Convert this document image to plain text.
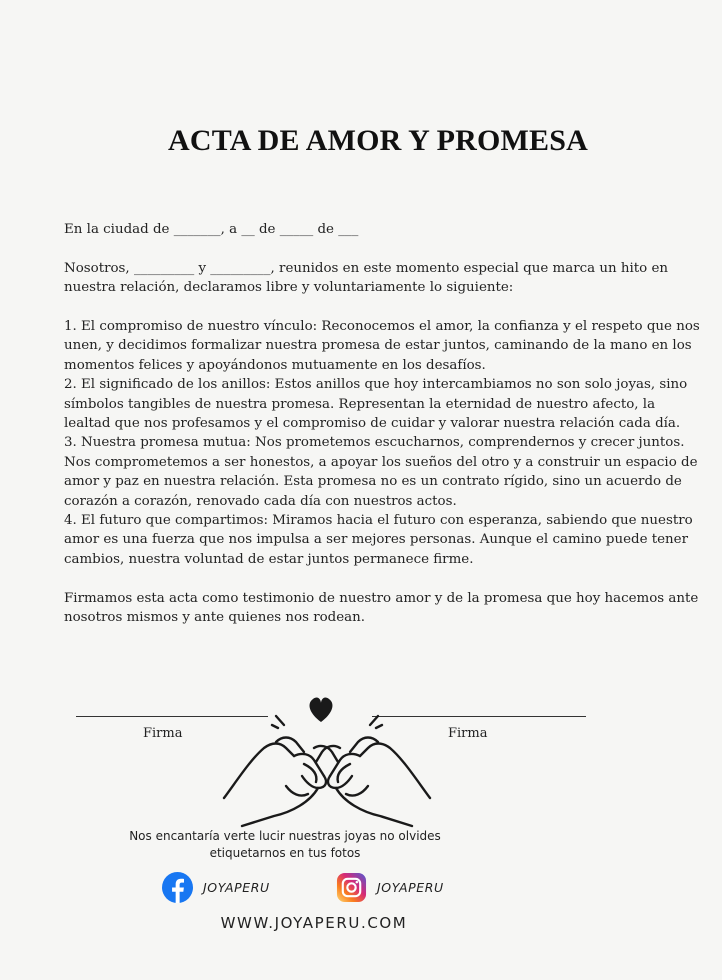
ACTA DE AMOR Y PROMESA

En la ciudad de _______, a __ de _____ de ___

Nosotros, _________ y _________, reunidos en este momento especial que marca un hito en nuestra relación, declaramos libre y voluntariamente lo siguiente:

1. El compromiso de nuestro vínculo: Reconocemos el amor, la confianza y el respeto que nos unen, y decidimos formalizar nuestra promesa de estar juntos, caminando de la mano en los momentos felices y apoyándonos mutuamente en los desafíos.

2. El significado de los anillos: Estos anillos que hoy intercambiamos no son solo joyas, sino símbolos tangibles de nuestra promesa. Representan la eternidad de nuestro afecto, la lealtad que nos profesamos y el compromiso de cuidar y valorar nuestra relación cada día.

3. Nuestra promesa mutua: Nos prometemos escucharnos, comprendernos y crecer juntos. Nos comprometemos a ser honestos, a apoyar los sueños del otro y a construir un espacio de amor y paz en nuestra relación. Esta promesa no es un contrato rígido, sino un acuerdo de corazón a corazón, renovado cada día con nuestros actos.

4. El futuro que compartimos: Miramos hacia el futuro con esperanza, sabiendo que nuestro amor es una fuerza que nos impulsa a ser mejores personas. Aunque el camino puede tener cambios, nuestra voluntad de estar juntos permanece firme.

Firmamos esta acta como testimonio de nuestro amor y de la promesa que hoy hacemos ante nosotros mismos y ante quienes nos rodean.

Firma	Firma
Nos encantaría verte lucir nuestras joyas no olvides etiquetarnos en tus fotos
JOYAPERU	JOYAPERU
WWW.JOYAPERU.COM
